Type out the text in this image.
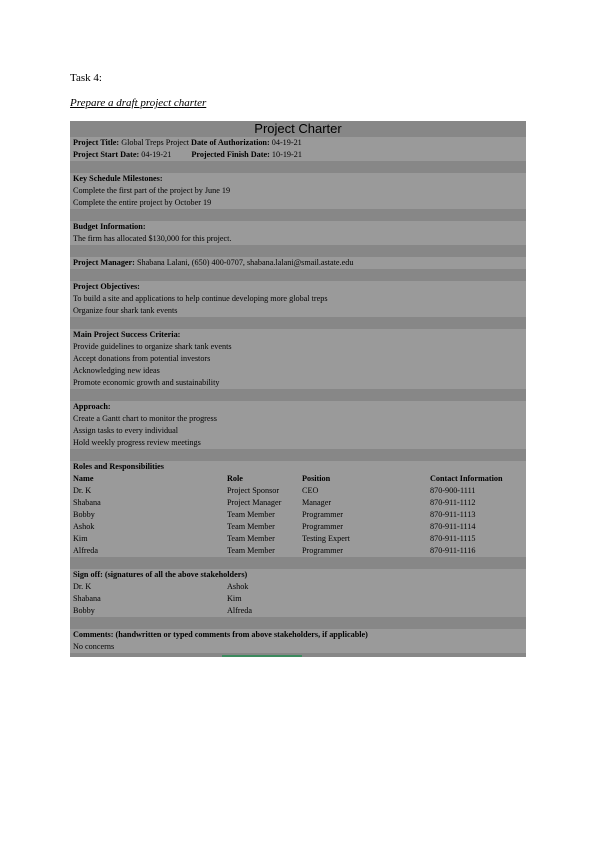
Task 4:
Prepare a draft project charter
Project Charter
Project Title: Global Treps Project Date of Authorization: 04-19-21
Project Start Date: 04-19-21 Projected Finish Date: 10-19-21
Key Schedule Milestones:
Complete the first part of the project by June 19
Complete the entire project by October 19
Budget Information:
The firm has allocated $130,000 for this project.
Project Manager: Shabana Lalani, (650) 400-0707, shabana.lalani@smail.astate.edu
Project Objectives:
To build a site and applications to help continue developing more global treps
Organize four shark tank events
Main Project Success Criteria:
Provide guidelines to organize shark tank events
Accept donations from potential investors
Acknowledging new ideas
Promote economic growth and sustainability
Approach:
Create a Gantt chart to monitor the progress
Assign tasks to every individual
Hold weekly progress review meetings
Roles and Responsibilities
Name	Role	Position	Contact Information
Dr. K	Project Sponsor	CEO	870-900-1111
Shabana	Project Manager	Manager	870-911-1112
Bobby	Team Member	Programmer	870-911-1113
Ashok	Team Member	Programmer	870-911-1114
Kim	Team Member	Testing Expert	870-911-1115
Alfreda	Team Member	Programmer	870-911-1116
Sign off: (signatures of all the above stakeholders)
Dr. K	Ashok
Shabana	Kim
Bobby	Alfreda
Comments: (handwritten or typed comments from above stakeholders, if applicable)
No concerns
